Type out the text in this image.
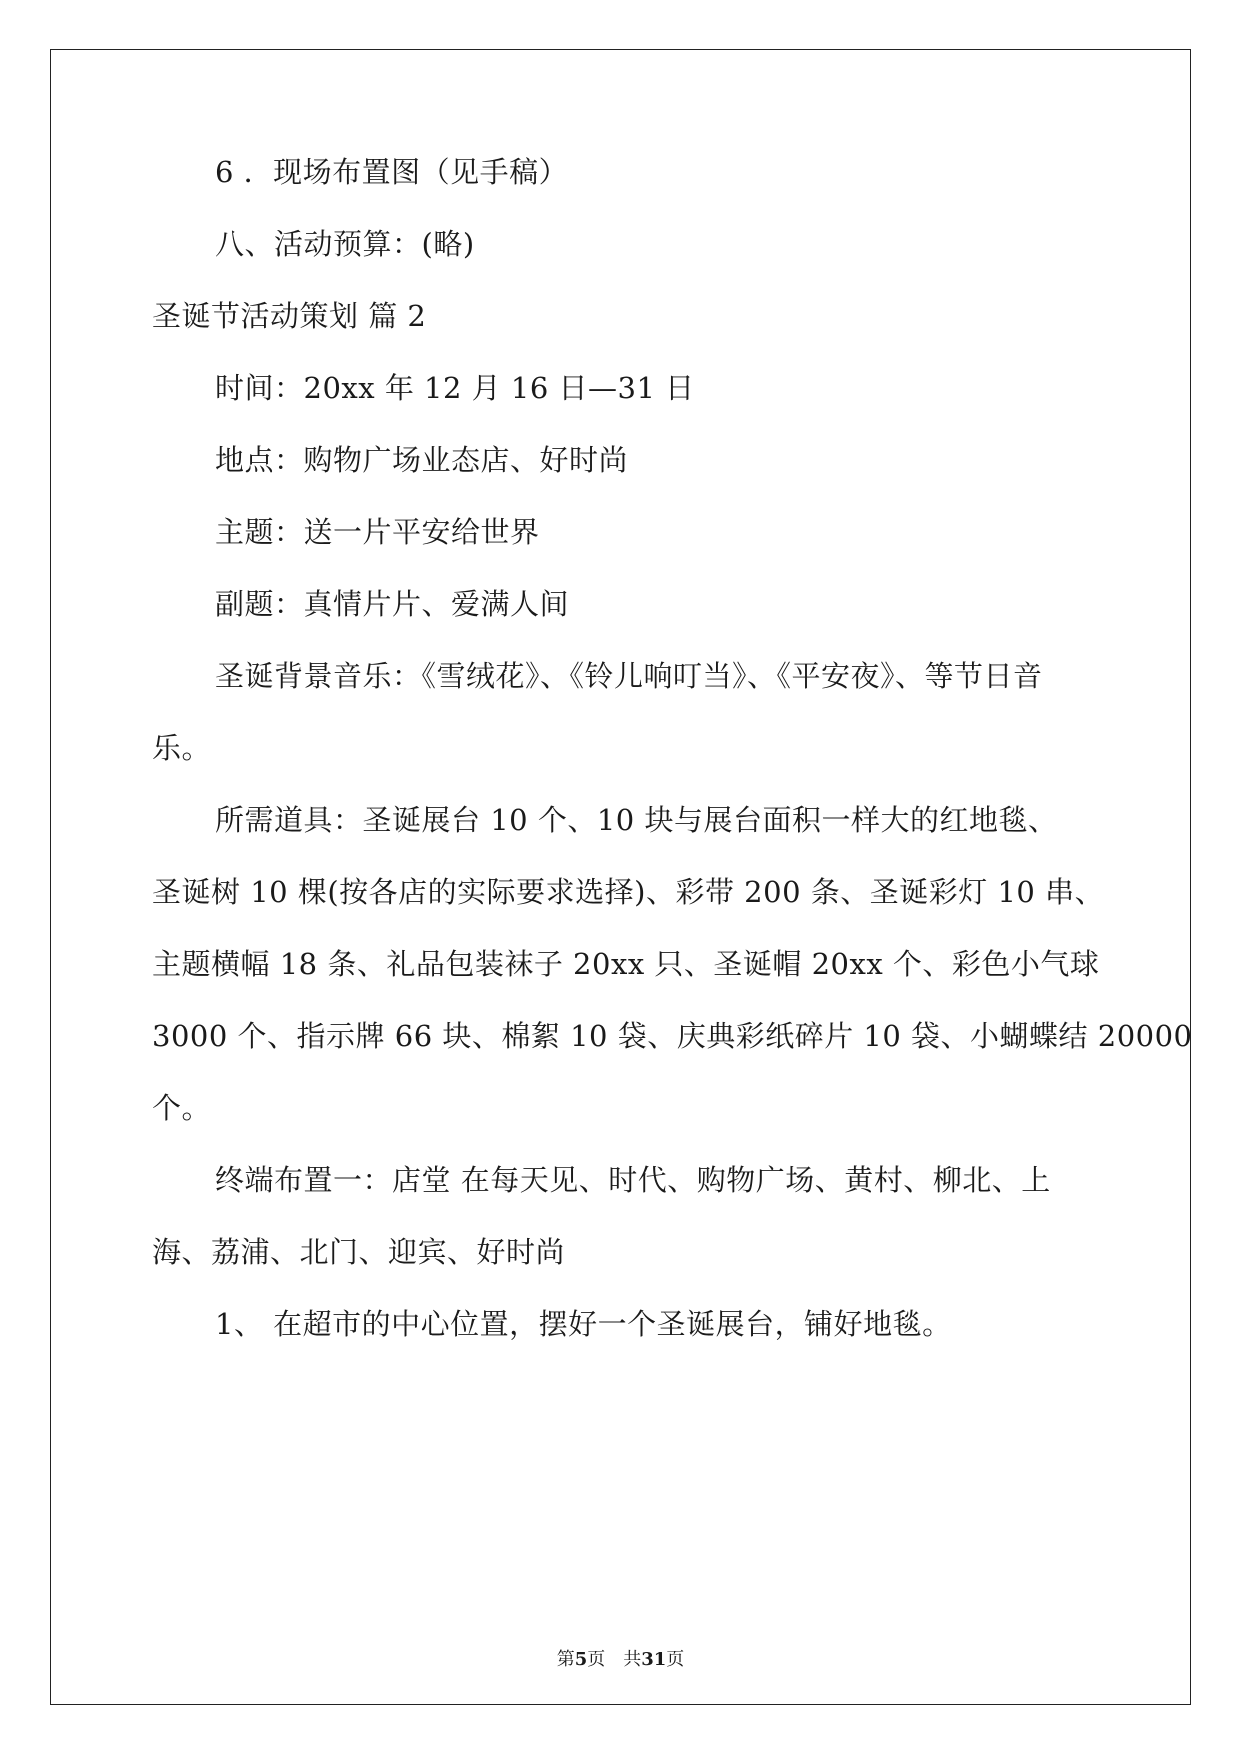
6 ．现场布置图（见手稿）
八、活动预算：(略)
圣诞节活动策划 篇 2
时间：20xx 年 12 月 16 日—31 日
地点：购物广场业态店、好时尚
主题：送一片平安给世界
副题：真情片片、爱满人间
圣诞背景音乐：《雪绒花》、《铃儿响叮当》、《平安夜》、等节日音
乐。
所需道具：圣诞展台 10 个、10 块与展台面积一样大的红地毯、
圣诞树 10 棵(按各店的实际要求选择)、彩带 200 条、圣诞彩灯 10 串、
主题横幅 18 条、礼品包装袜子 20xx 只、圣诞帽 20xx 个、彩色小气球
3000 个、指示牌 66 块、棉絮 10 袋、庆典彩纸碎片 10 袋、小蝴蝶结 20000
个。
终端布置一：店堂 在每天见、时代、购物广场、黄村、柳北、上
海、荔浦、北门、迎宾、好时尚
1、 在超市的中心位置，摆好一个圣诞展台，铺好地毯。
第5页 共31页
